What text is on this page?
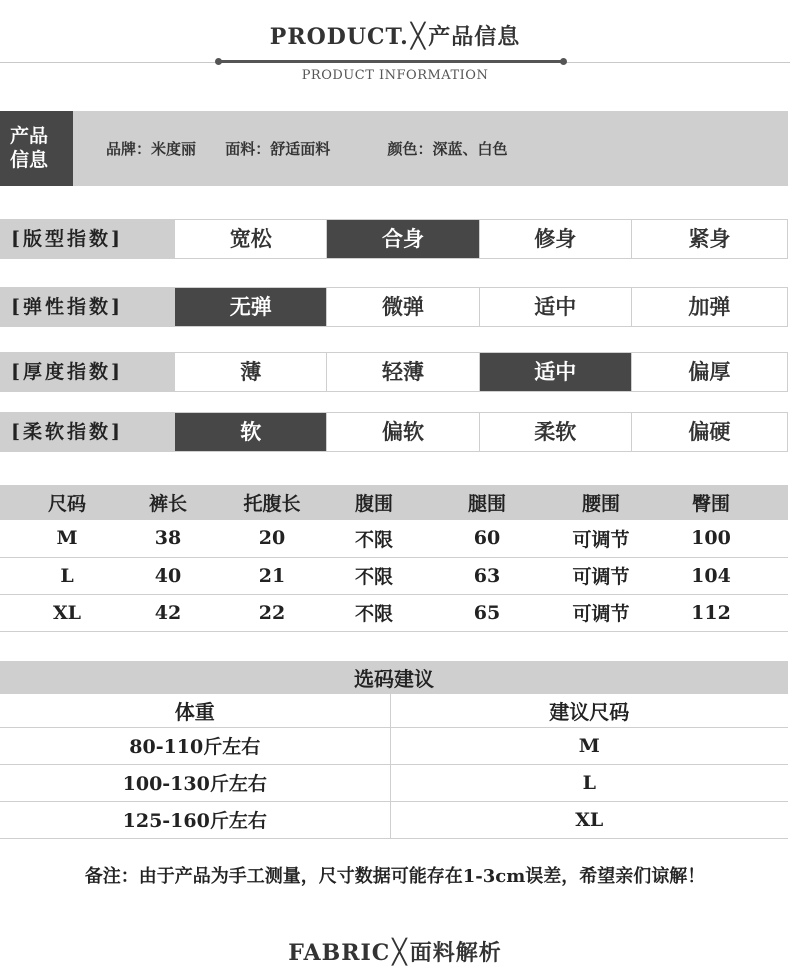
PRODUCT.╳产品信息
PRODUCT INFORMATION
产品
信息	品牌：米度丽 面料：舒适面料	颜色：深蓝、白色
[版型指数]	宽松	合身	修身	紧身
[弹性指数]	无弹	微弹	适中	加弹
[厚度指数]	薄	轻薄	适中	偏厚
[柔软指数]	软	偏软	柔软	偏硬
尺码	裤长	托腹长	腹围	腿围	腰围	臀围
M	38	20	不限	60	可调节	100
L	40	21	不限	63	可调节	104
XL	42	22	不限	65	可调节	112
选码建议	
体重	建议尺码
80-110斤左右	M
100-130斤左右	L
125-160斤左右	XL
备注：由于产品为手工测量，尺寸数据可能存在1-3cm误差，希望亲们谅解！
FABRIC╳面料解析
